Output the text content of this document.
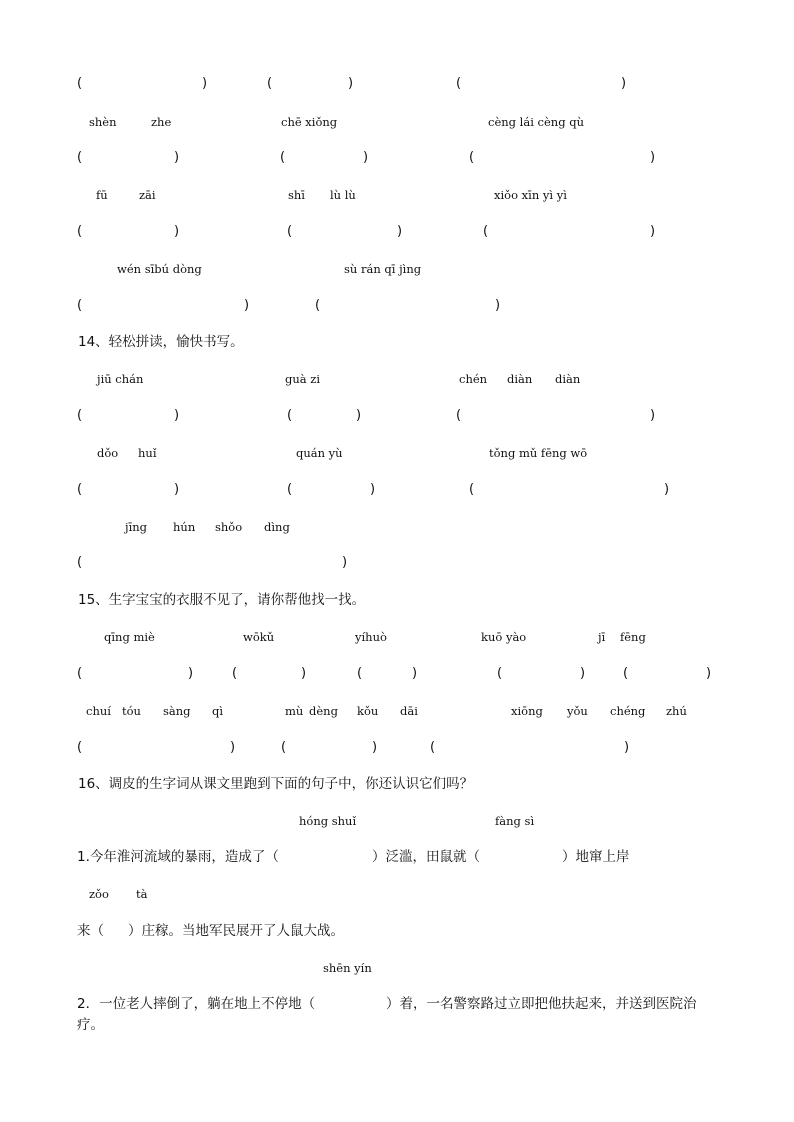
(	)	(	)	(	)
shèn	zhe	chē xiǒng	cèng lái cèng qù
(	)	(	)	(	)
fū	zāi	shī lù lù	xiǒo xīn yì yì
(	)	(	)	(	)
wén sībú dòng	sù rán qī jìng
(	)	(	)
14、轻松拼读，愉快书写。
jiū chán	guà zi	chén diàn diàn
(	)	(	)	(	)
dǒo huǐ	quán yù	tǒng mǔ fēng wō
(	)	(	)	(	)
jīng hún shǒo dìng
(	)
15、生字宝宝的衣服不见了，请你帮他找一找。
qīng miè	wōkǔ	yíhuò	kuō yào	jī fēng
(	)	(	)	(	)	(	)	(	)
chuí tóu sàng qì	mù dèng kǒu dāi	xiōng yǒu chéng zhú
(	)	(	)	(	)
16、调皮的生字词从课文里跑到下面的句子中，你还认识它们吗？
hóng shuǐ	fàng sì
1.今年淮河流域的暴雨，造成了（	）泛滥，田鼠就（	）地窜上岸
zǒo tà
来（ ）庄稼。当地军民展开了人鼠大战。
shēn yín
2．一位老人摔倒了，躺在地上不停地（	）着，一名警察路过立即把他扶起来，并送到医院治
疗。
